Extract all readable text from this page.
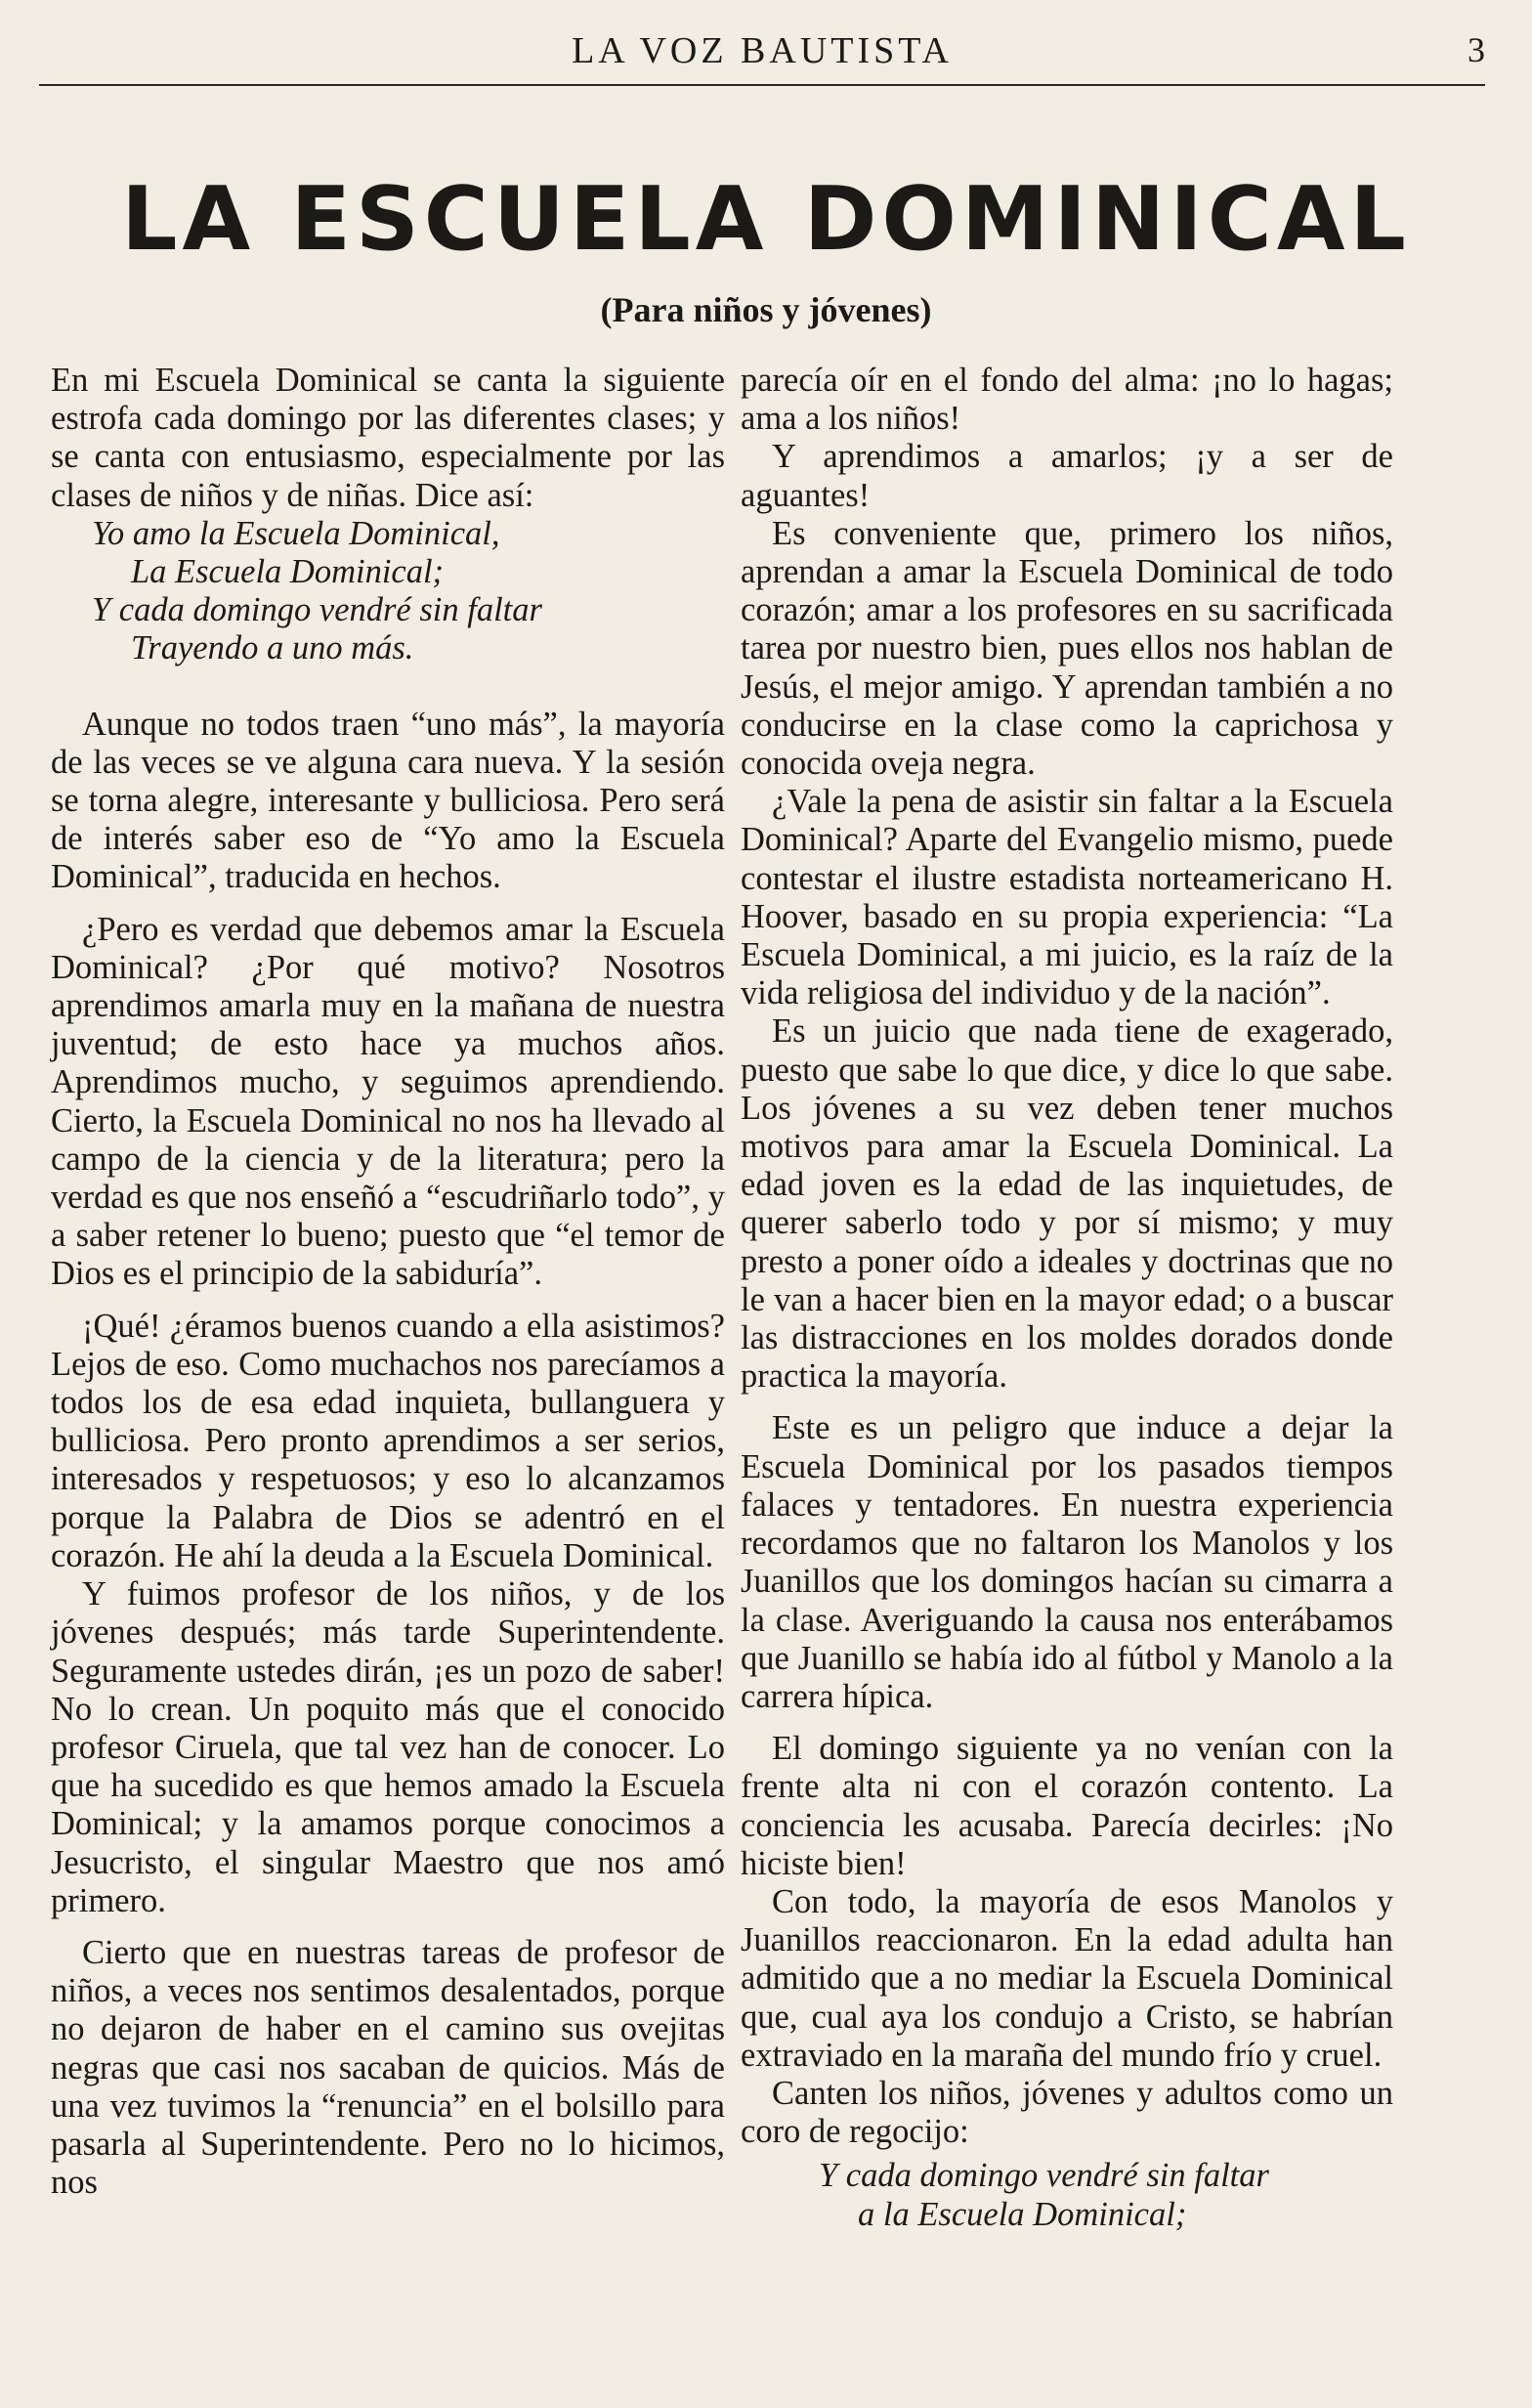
LA VOZ BAUTISTA	3
LA ESCUELA DOMINICAL
(Para niños y jóvenes)

En mi Escuela Dominical se canta la siguiente estrofa cada domingo por las diferentes clases; y se canta con entusiasmo, especialmente por las clases de niños y de niñas. Dice así:

Yo amo la Escuela Dominical,
La Escuela Dominical;
Y cada domingo vendré sin faltar
Trayendo a uno más.

Aunque no todos traen “uno más”, la mayoría de las veces se ve alguna cara nueva. Y la sesión se torna alegre, interesante y bulliciosa. Pero será de interés saber eso de “Yo amo la Escuela Dominical”, traducida en hechos.

¿Pero es verdad que debemos amar la Escuela Dominical? ¿Por qué motivo? Nosotros aprendimos amarla muy en la mañana de nuestra juventud; de esto hace ya muchos años. Aprendimos mucho, y seguimos aprendiendo. Cierto, la Escuela Dominical no nos ha llevado al campo de la ciencia y de la literatura; pero la verdad es que nos enseñó a “escudriñarlo todo”, y a saber retener lo bueno; puesto que “el temor de Dios es el principio de la sabiduría”.

¡Qué! ¿éramos buenos cuando a ella asistimos? Lejos de eso. Como muchachos nos parecíamos a todos los de esa edad inquieta, bullanguera y bulliciosa. Pero pronto aprendimos a ser serios, interesados y respetuosos; y eso lo alcanzamos porque la Palabra de Dios se adentró en el corazón. He ahí la deuda a la Escuela Dominical.

Y fuimos profesor de los niños, y de los jóvenes después; más tarde Superintendente. Seguramente ustedes dirán, ¡es un pozo de saber! No lo crean. Un poquito más que el conocido profesor Ciruela, que tal vez han de conocer. Lo que ha sucedido es que hemos amado la Escuela Dominical; y la amamos porque conocimos a Jesucristo, el singular Maestro que nos amó primero.

Cierto que en nuestras tareas de profesor de niños, a veces nos sentimos desalentados, porque no dejaron de haber en el camino sus ovejitas negras que casi nos sacaban de quicios. Más de una vez tuvimos la “renuncia” en el bolsillo para pasarla al Superintendente. Pero no lo hicimos, nos

parecía oír en el fondo del alma: ¡no lo hagas; ama a los niños!

Y aprendimos a amarlos; ¡y a ser de aguantes!

Es conveniente que, primero los niños, aprendan a amar la Escuela Dominical de todo corazón; amar a los profesores en su sacrificada tarea por nuestro bien, pues ellos nos hablan de Jesús, el mejor amigo. Y aprendan también a no conducirse en la clase como la caprichosa y conocida oveja negra.

¿Vale la pena de asistir sin faltar a la Escuela Dominical? Aparte del Evangelio mismo, puede contestar el ilustre estadista norteamericano H. Hoover, basado en su propia experiencia: “La Escuela Dominical, a mi juicio, es la raíz de la vida religiosa del individuo y de la nación”.

Es un juicio que nada tiene de exagerado, puesto que sabe lo que dice, y dice lo que sabe. Los jóvenes a su vez deben tener muchos motivos para amar la Escuela Dominical. La edad joven es la edad de las inquietudes, de querer saberlo todo y por sí mismo; y muy presto a poner oído a ideales y doctrinas que no le van a hacer bien en la mayor edad; o a buscar las distracciones en los moldes dorados donde practica la mayoría.

Este es un peligro que induce a dejar la Escuela Dominical por los pasados tiempos falaces y tentadores. En nuestra experiencia recordamos que no faltaron los Manolos y los Juanillos que los domingos hacían su cimarra a la clase. Averiguando la causa nos enterábamos que Juanillo se había ido al fútbol y Manolo a la carrera hípica.

El domingo siguiente ya no venían con la frente alta ni con el corazón contento. La conciencia les acusaba. Parecía decirles: ¡No hiciste bien!

Con todo, la mayoría de esos Manolos y Juanillos reaccionaron. En la edad adulta han admitido que a no mediar la Escuela Dominical que, cual aya los condujo a Cristo, se habrían extraviado en la maraña del mundo frío y cruel.

Canten los niños, jóvenes y adultos como un coro de regocijo:

Y cada domingo vendré sin faltar
a la Escuela Dominical;
